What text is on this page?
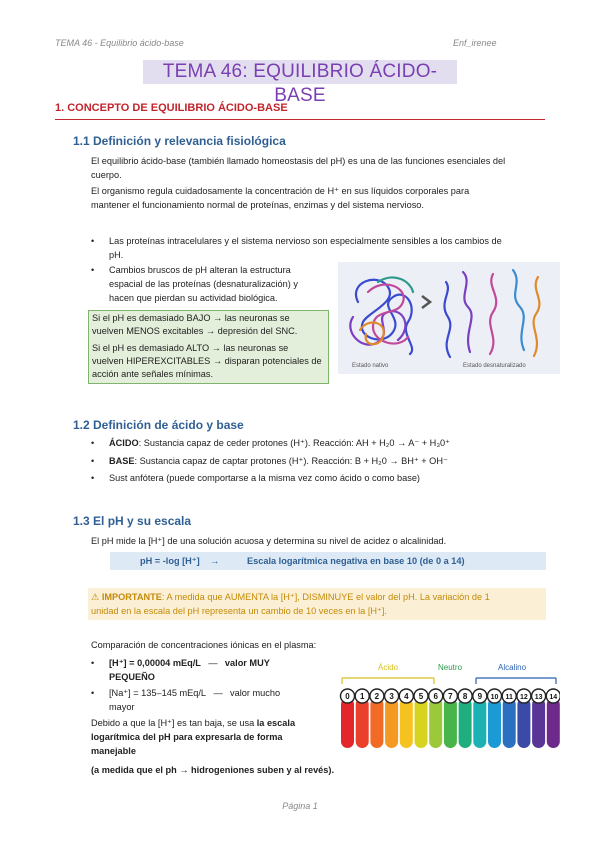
TEMA 46 - Equilibrio ácido-base	Enf_irenee
TEMA 46: EQUILIBRIO ÁCIDO-BASE
1. CONCEPTO DE EQUILIBRIO ÁCIDO-BASE
1.1 Definición y relevancia fisiológica
El equilibrio ácido-base (también llamado homeostasis del pH) es una de las funciones esenciales del
cuerpo.
El organismo regula cuidadosamente la concentración de H⁺ en sus líquidos corporales para
mantener el funcionamiento normal de proteínas, enzimas y del sistema nervioso.
• Las proteínas intracelulares y el sistema nervioso son especialmente sensibles a los cambios de
pH.
• Cambios bruscos de pH alteran la estructura
espacial de las proteínas (desnaturalización) y
hacen que pierdan su actividad biológica.

Si el pH es demasiado BAJO → las neuronas se
vuelven MENOS excitables → depresión del SNC.

Si el pH es demasiado ALTO → las neuronas se
vuelven HIPEREXCITABLES → disparan potenciales de
acción ante señales mínimas.

Estado nativo	Estado desnaturalizado
1.2 Definición de ácido y base
• ÁCIDO: Sustancia capaz de ceder protones (H⁺). Reacción: AH + H₂0 → A⁻ + H₃0⁺
• BASE: Sustancia capaz de captar protones (H⁺). Reacción: B + H₂0 → BH⁺ + OH⁻
• Sust anfótera (puede comportarse a la misma vez como ácido o como base)
1.3 El pH y su escala
El pH mide la [H⁺] de una solución acuosa y determina su nivel de acidez o alcalinidad.
pH = -log [H⁺] →	Escala logarítmica negativa en base 10 (de 0 a 14)
⚠ IMPORTANTE: A medida que AUMENTA la [H⁺], DISMINUYE el valor del pH. La variación de 1
unidad en la escala del pH representa un cambio de 10 veces en la [H⁺].
Comparación de concentraciones iónicas en el plasma:
• [H⁺] = 0,00004 mEq/L — valor MUY
PEQUEÑO
• [Na⁺] = 135–145 mEq/L — valor mucho
mayor
Debido a que la [H⁺] es tan baja, se usa la escala
logarítmica del pH para expresarla de forma
manejable
(a medida que el ph → hidrogeniones suben y al revés).
Ácido	Neutro	Alcalino
0 1 2 3 4 5 6 7 8 9 10 11 12 13 14
Página 1
